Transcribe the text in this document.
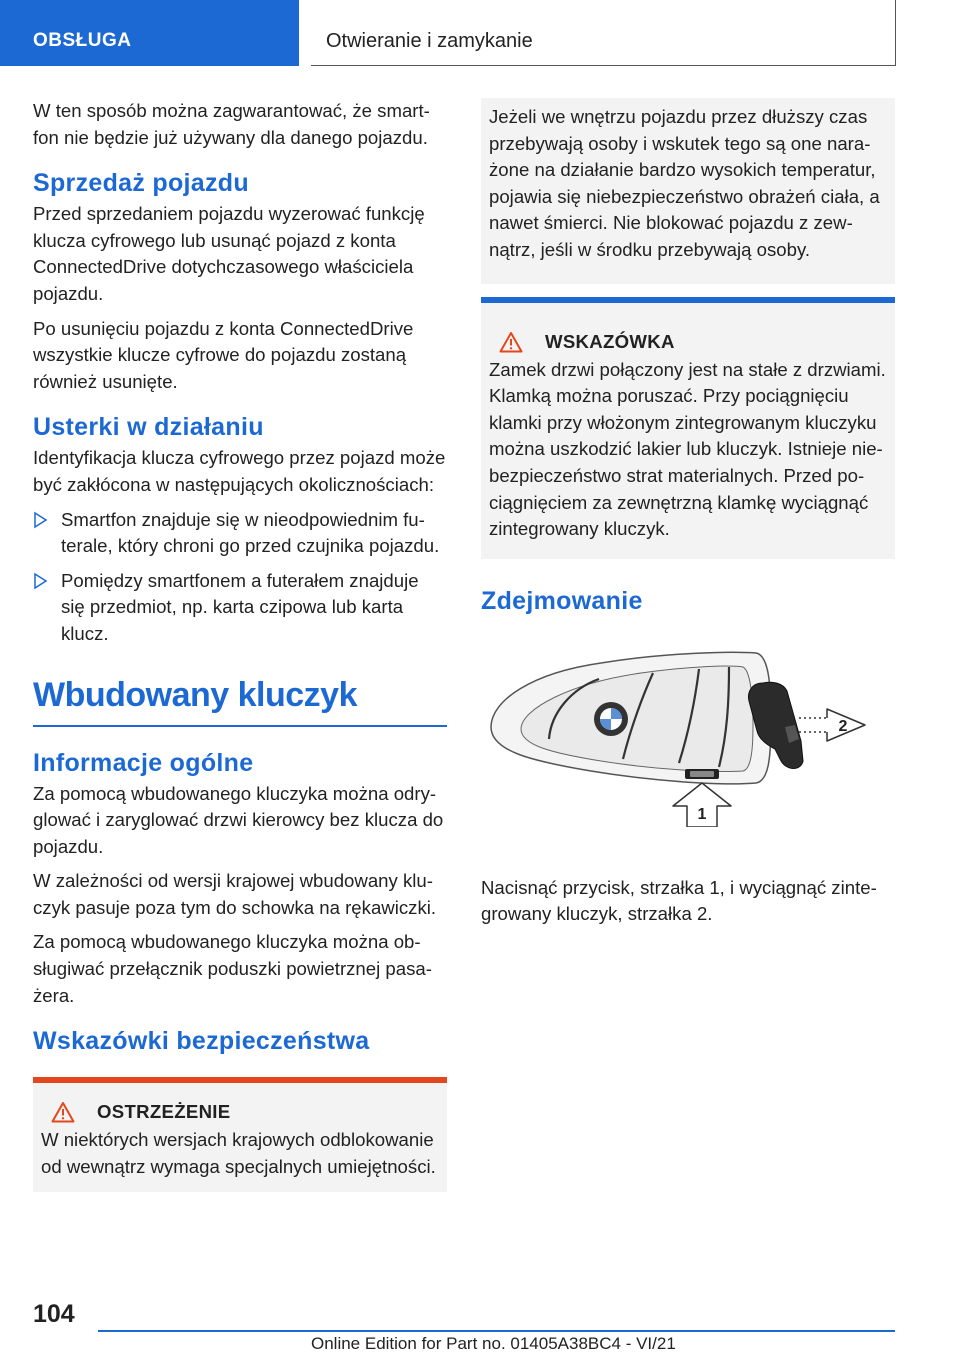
OBSŁUGA	Otwieranie i zamykanie

W ten sposób można zagwarantować, że smartfon nie będzie już używany dla danego pojazdu.

Sprzedaż pojazdu

Przed sprzedaniem pojazdu wyzerować funkcję klucza cyfrowego lub usunąć pojazd z konta ConnectedDrive dotychczasowego właściciela pojazdu.

Po usunięciu pojazdu z konta ConnectedDrive wszystkie klucze cyfrowe do pojazdu zostaną również usunięte.

Usterki w działaniu

Identyfikacja klucza cyfrowego przez pojazd może być zakłócona w następujących okolicznościach:

Smartfon znajduje się w nieodpowiednim futerale, który chroni go przed czujnika pojazdu.
Pomiędzy smartfonem a futerałem znajduje się przedmiot, np. karta czipowa lub karta klucz.
Wbudowany kluczyk
Informacje ogólne

Za pomocą wbudowanego kluczyka można odryglować i zaryglować drzwi kierowcy bez klucza do pojazdu.

W zależności od wersji krajowej wbudowany kluczyk pasuje poza tym do schowka na rękawiczki.

Za pomocą wbudowanego kluczyka można obsługiwać przełącznik poduszki powietrznej pasażera.

Wskazówki bezpieczeństwa
OSTRZEŻENIE

W niektórych wersjach krajowych odblokowanie od wewnątrz wymaga specjalnych umiejętności.

Jeżeli we wnętrzu pojazdu przez dłuższy czas przebywają osoby i wskutek tego są one narażone na działanie bardzo wysokich temperatur, pojawia się niebezpieczeństwo obrażeń ciała, a nawet śmierci. Nie blokować pojazdu z zewnątrz, jeśli w środku przebywają osoby.

WSKAZÓWKA

Zamek drzwi połączony jest na stałe z drzwiami. Klamką można poruszać. Przy pociągnięciu klamki przy włożonym zintegrowanym kluczyku można uszkodzić lakier lub kluczyk. Istnieje niebezpieczeństwo strat materialnych. Przed pociągnięciem za zewnętrzną klamkę wyciągnąć zintegrowany kluczyk.

Zdejmowanie
1
2

Nacisnąć przycisk, strzałka 1, i wyciągnąć zintegrowany kluczyk, strzałka 2.

104
Online Edition for Part no. 01405A38BC4 - VI/21
